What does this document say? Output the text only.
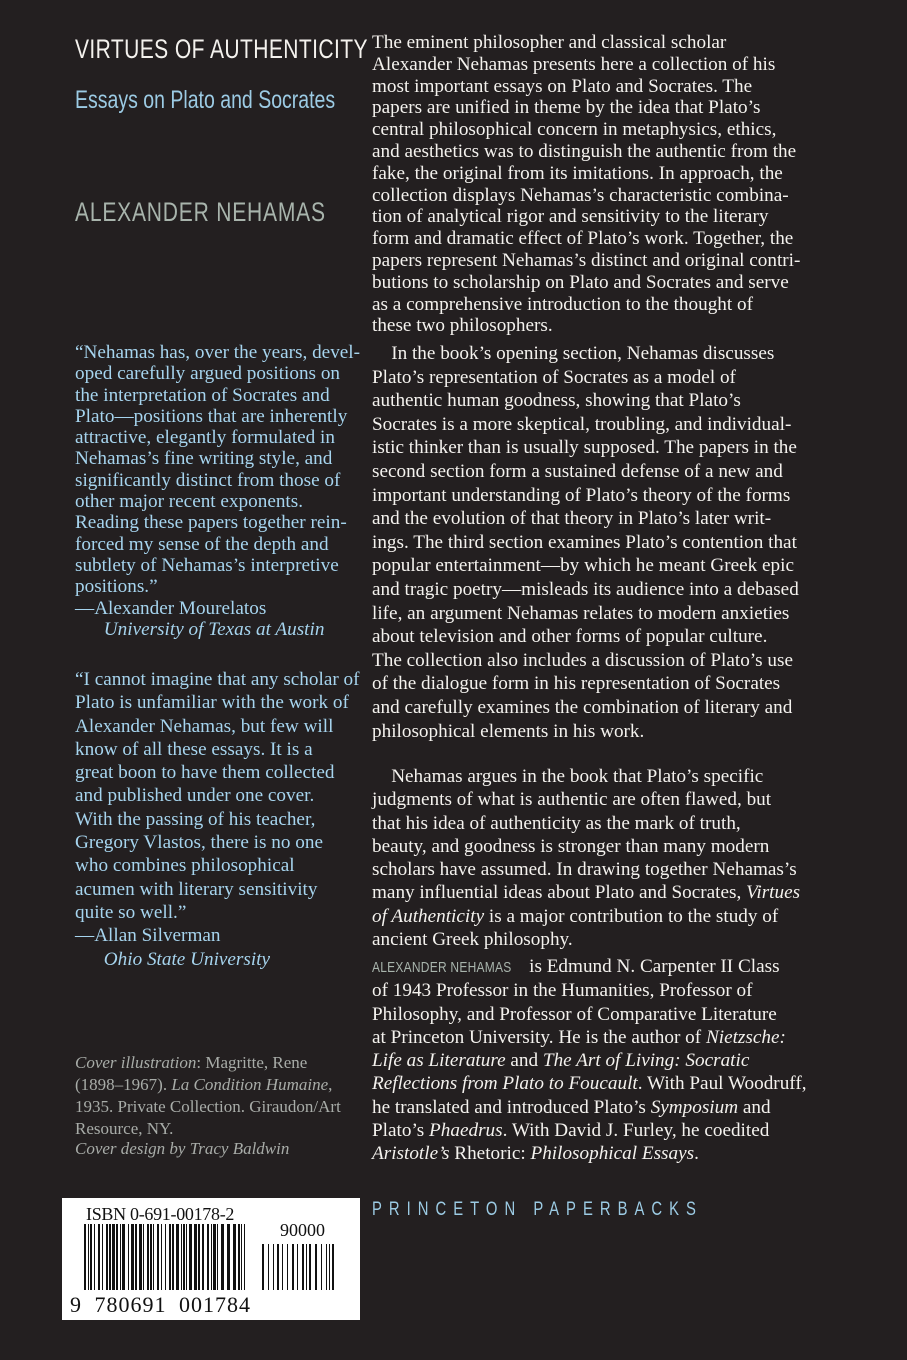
VIRTUES OF AUTHENTICITY
Essays on Plato and Socrates
ALEXANDER NEHAMAS
“Nehamas has, over the years, devel-
oped carefully argued positions on
the interpretation of Socrates and
Plato—positions that are inherently
attractive, elegantly formulated in
Nehamas’s fine writing style, and
significantly distinct from those of
other major recent exponents.
Reading these papers together rein-
forced my sense of the depth and
subtlety of Nehamas’s interpretive
positions.”
—Alexander Mourelatos
  University of Texas at Austin
“I cannot imagine that any scholar of
Plato is unfamiliar with the work of
Alexander Nehamas, but few will
know of all these essays. It is a
great boon to have them collected
and published under one cover.
With the passing of his teacher,
Gregory Vlastos, there is no one
who combines philosophical
acumen with literary sensitivity
quite so well.”
—Allan Silverman
  Ohio State University
Cover illustration: Magritte, Rene
(1898–1967). La Condition Humaine,
1935. Private Collection. Giraudon/Art
Resource, NY.
Cover design by Tracy Baldwin
The eminent philosopher and classical scholar
Alexander Nehamas presents here a collection of his
most important essays on Plato and Socrates. The
papers are unified in theme by the idea that Plato’s
central philosophical concern in metaphysics, ethics,
and aesthetics was to distinguish the authentic from the
fake, the original from its imitations. In approach, the
collection displays Nehamas’s characteristic combina-
tion of analytical rigor and sensitivity to the literary
form and dramatic effect of Plato’s work. Together, the
papers represent Nehamas’s distinct and original contri-
butions to scholarship on Plato and Socrates and serve
as a comprehensive introduction to the thought of
these two philosophers.
 In the book’s opening section, Nehamas discusses
Plato’s representation of Socrates as a model of
authentic human goodness, showing that Plato’s
Socrates is a more skeptical, troubling, and individual-
istic thinker than is usually supposed. The papers in the
second section form a sustained defense of a new and
important understanding of Plato’s theory of the forms
and the evolution of that theory in Plato’s later writ-
ings. The third section examines Plato’s contention that
popular entertainment—by which he meant Greek epic
and tragic poetry—misleads its audience into a debased
life, an argument Nehamas relates to modern anxieties
about television and other forms of popular culture.
The collection also includes a discussion of Plato’s use
of the dialogue form in his representation of Socrates
and carefully examines the combination of literary and
philosophical elements in his work.
 Nehamas argues in the book that Plato’s specific
judgments of what is authentic are often flawed, but
that his idea of authenticity as the mark of truth,
beauty, and goodness is stronger than many modern
scholars have assumed. In drawing together Nehamas’s
many influential ideas about Plato and Socrates, Virtues
of Authenticity is a major contribution to the study of
ancient Greek philosophy.
ALEXANDER NEHAMAS is Edmund N. Carpenter II Class
of 1943 Professor in the Humanities, Professor of
Philosophy, and Professor of Comparative Literature
at Princeton University. He is the author of Nietzsche:
Life as Literature and The Art of Living: Socratic
Reflections from Plato to Foucault. With Paul Woodruff,
he translated and introduced Plato’s Symposium and
Plato’s Phaedrus. With David J. Furley, he coedited
Aristotle’s Rhetoric: Philosophical Essays.
PRINCETON PAPERBACKS
ISBN 0-691-00178-2
90000
9 780691 001784
